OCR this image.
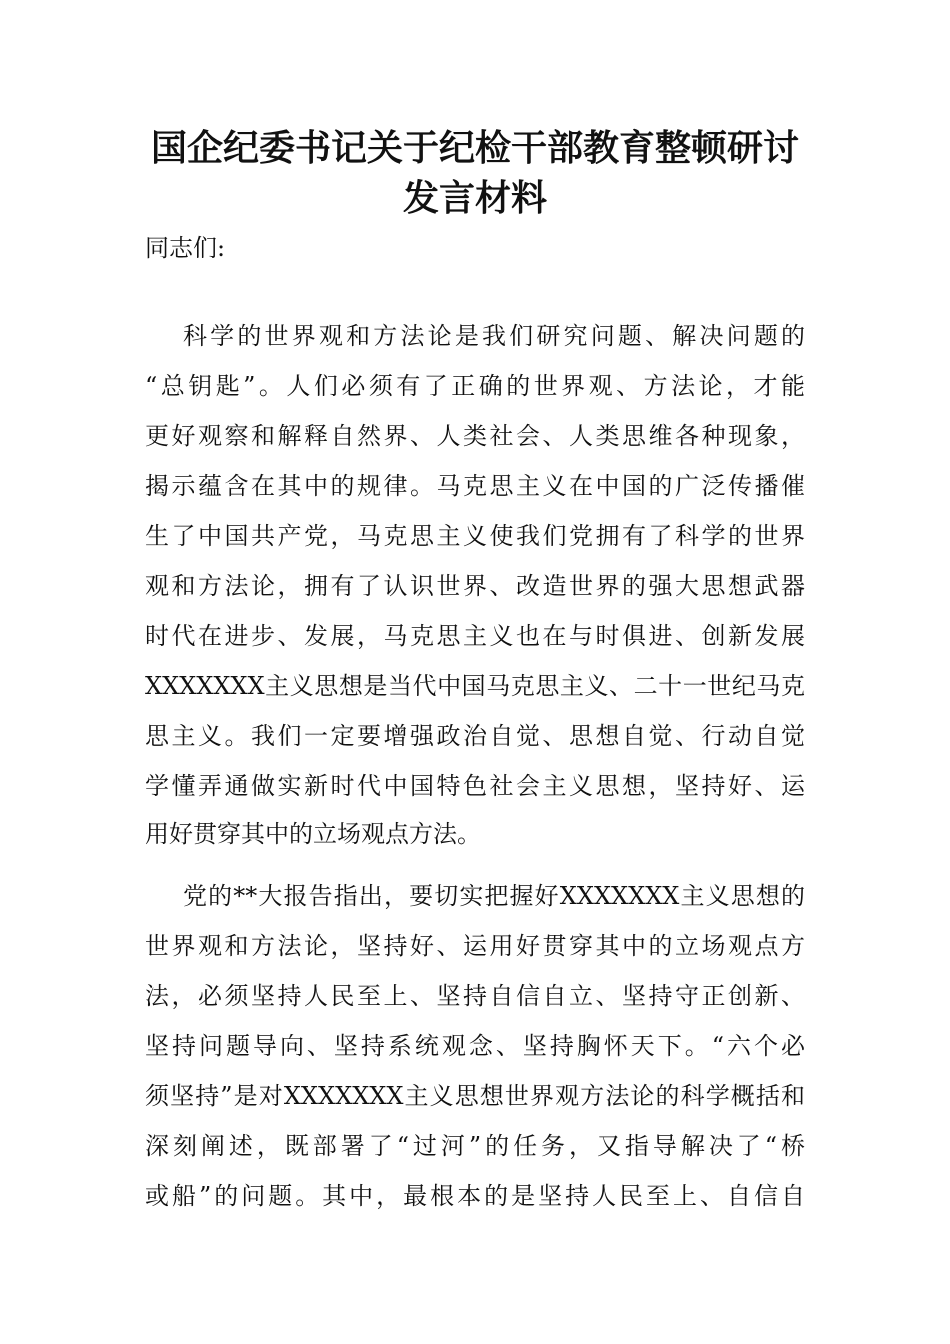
国企纪委书记关于纪检干部教育整顿研讨
发言材料
同志们:
科学的世界观和方法论是我们研究问题、解决问题的
“总钥匙”。人们必须有了正确的世界观、方法论，才能
更好观察和解释自然界、人类社会、人类思维各种现象，
揭示蕴含在其中的规律。马克思主义在中国的广泛传播催
生了中国共产党，马克思主义使我们党拥有了科学的世界
观和方法论，拥有了认识世界、改造世界的强大思想武器
时代在进步、发展，马克思主义也在与时俱进、创新发展
XXXXXXX主义思想是当代中国马克思主义、二十一世纪马克
思主义。我们一定要增强政治自觉、思想自觉、行动自觉
学懂弄通做实新时代中国特色社会主义思想，坚持好、运
用好贯穿其中的立场观点方法。
党的**大报告指出，要切实把握好XXXXXXX主义思想的
世界观和方法论，坚持好、运用好贯穿其中的立场观点方
法，必须坚持人民至上、坚持自信自立、坚持守正创新、
坚持问题导向、坚持系统观念、坚持胸怀天下。“六个必
须坚持”是对XXXXXXX主义思想世界观方法论的科学概括和
深刻阐述，既部署了“过河”的任务，又指导解决了“桥
或船”的问题。其中，最根本的是坚持人民至上、自信自
